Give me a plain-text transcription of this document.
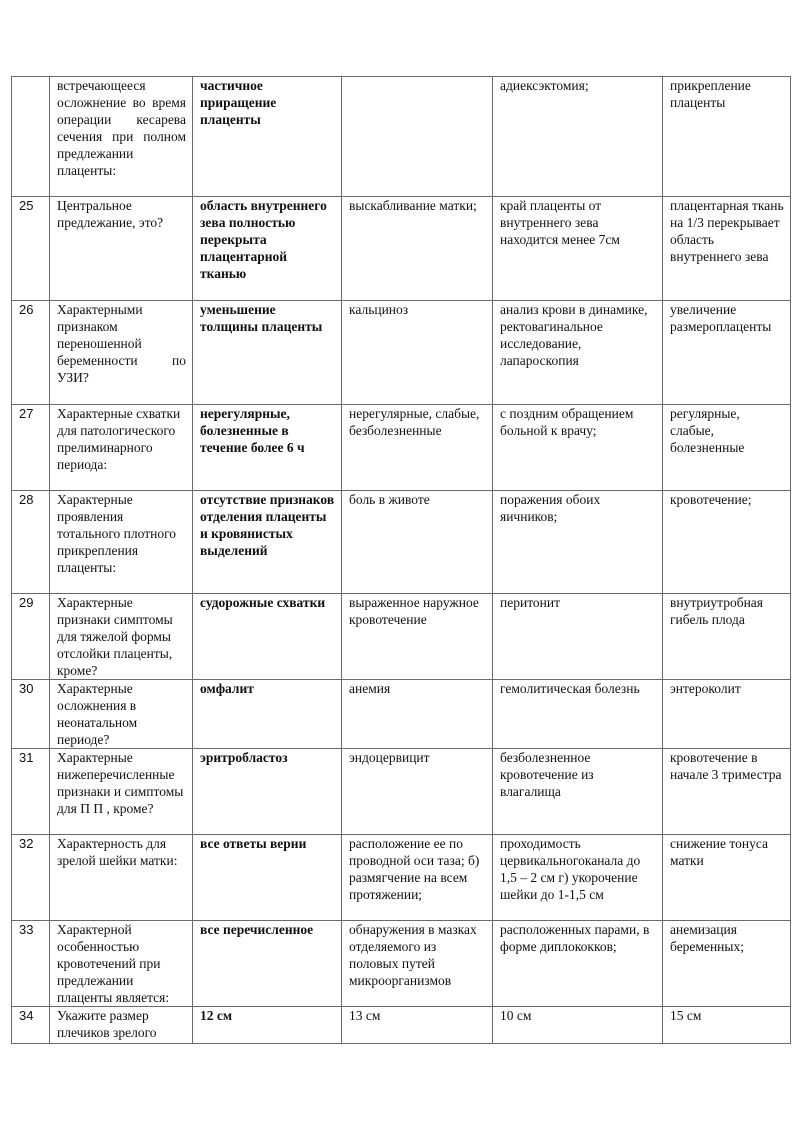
	встречающееся осложнение во время операции кесарева сечения при полном предлежании плаценты:	частичное приращение плаценты		адиексэктомия;	прикрепление плаценты
25	Центральное предлежание, это?	область внутреннего зева полностью перекрыта плацентарной тканью	выскабливание матки;	край плаценты от внутреннего зева находится менее 7см	плацентарная ткань на 1/3 перекрывает область внутреннего зева
26	Характерными признаком переношенной беременности по УЗИ?	уменьшение толщины плаценты	кальциноз	анализ крови в динамике, ректовагинальное исследование, лапароскопия	увеличение размероплаценты
27	Характерные схватки для патологического прелиминарного периода:	нерегулярные, болезненные в течение более 6 ч	нерегулярные, слабые, безболезненные	с поздним обращением больной к врачу;	регулярные, слабые, болезненные
28	Характерные проявления тотального плотного прикрепления плаценты:	отсутствие признаков отделения плаценты и кровянистых выделений	боль в животе	поражения обоих яичников;	кровотечение;
29	Характерные признаки симптомы для тяжелой формы отслойки плаценты, кроме?	судорожные схватки	выраженное наружное кровотечение	перитонит	внутриутробная гибель плода
30	Характерные осложнения в неонатальном периоде?	омфалит	анемия	гемолитическая болезнь	энтероколит
31	Характерные нижеперечисленные признаки и симптомы для П П , кроме?	эритробластоз	эндоцервицит	безболезненное кровотечение из влагалища	кровотечение в начале 3 триместра
32	Характерность для зрелой шейки матки:	все ответы верни	расположение ее по проводной оси таза; б) размягчение на всем протяжении;	проходимость цервикальногоканала до 1,5 – 2 см г) укорочение шейки до 1-1,5 см	снижение тонуса матки
33	Характерной особенностью кровотечений при предлежании плаценты является:	все перечисленное	обнаружения в мазках отделяемого из половых путей микроорганизмов	расположенных парами, в форме диплококков;	анемизация беременных;
34	Укажите размер плечиков зрелого	12 см	13 см	10 см	15 см
